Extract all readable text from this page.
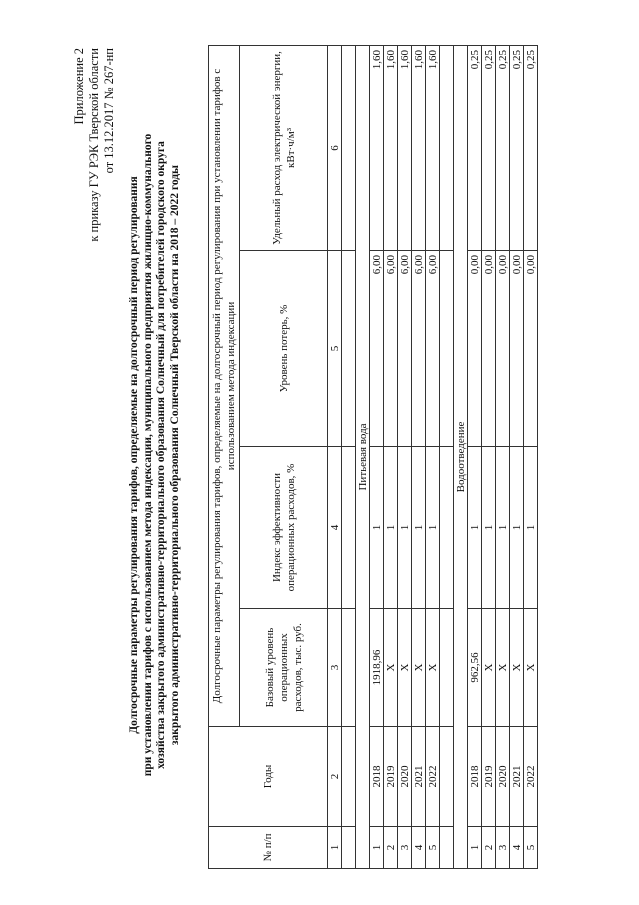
Приложение 2 к приказу ГУ РЭК Тверской области от 13.12.2017 № 267-нп
Долгосрочные параметры регулирования тарифов, определяемые на долгосрочный период регулирования при установлении тарифов с использованием метода индексации, муниципального предприятия жилищно-коммунального хозяйства закрытого административно-территориального образования Солнечный для потребителей городского округа закрытого административно-территориального образования Солнечный Тверской области на 2018 – 2022 годы
№ п/п	Годы	Долгосрочные параметры регулирования тарифов, определяемые на долгосрочный период регулирования при установлении тарифов с использованием метода индексации			
		Базовый уровень операционных расходов, тыс. руб.	Индекс эффективности операционных расходов, %	Уровень потерь, %	Удельный расход электрической энергии, кВт·ч/м³
1	2	3	4	5	6

Питьевая вода					
1	2018	1918,96	1	6,00	1,60
2	2019	X	1	6,00	1,60
3	2020	X	1	6,00	1,60
4	2021	X	1	6,00	1,60
5	2022	X	1	6,00	1,60

Водоотведение					
1	2018	962,56	1	0,00	0,25
2	2019	X	1	0,00	0,25
3	2020	X	1	0,00	0,25
4	2021	X	1	0,00	0,25
5	2022	X	1	0,00	0,25
